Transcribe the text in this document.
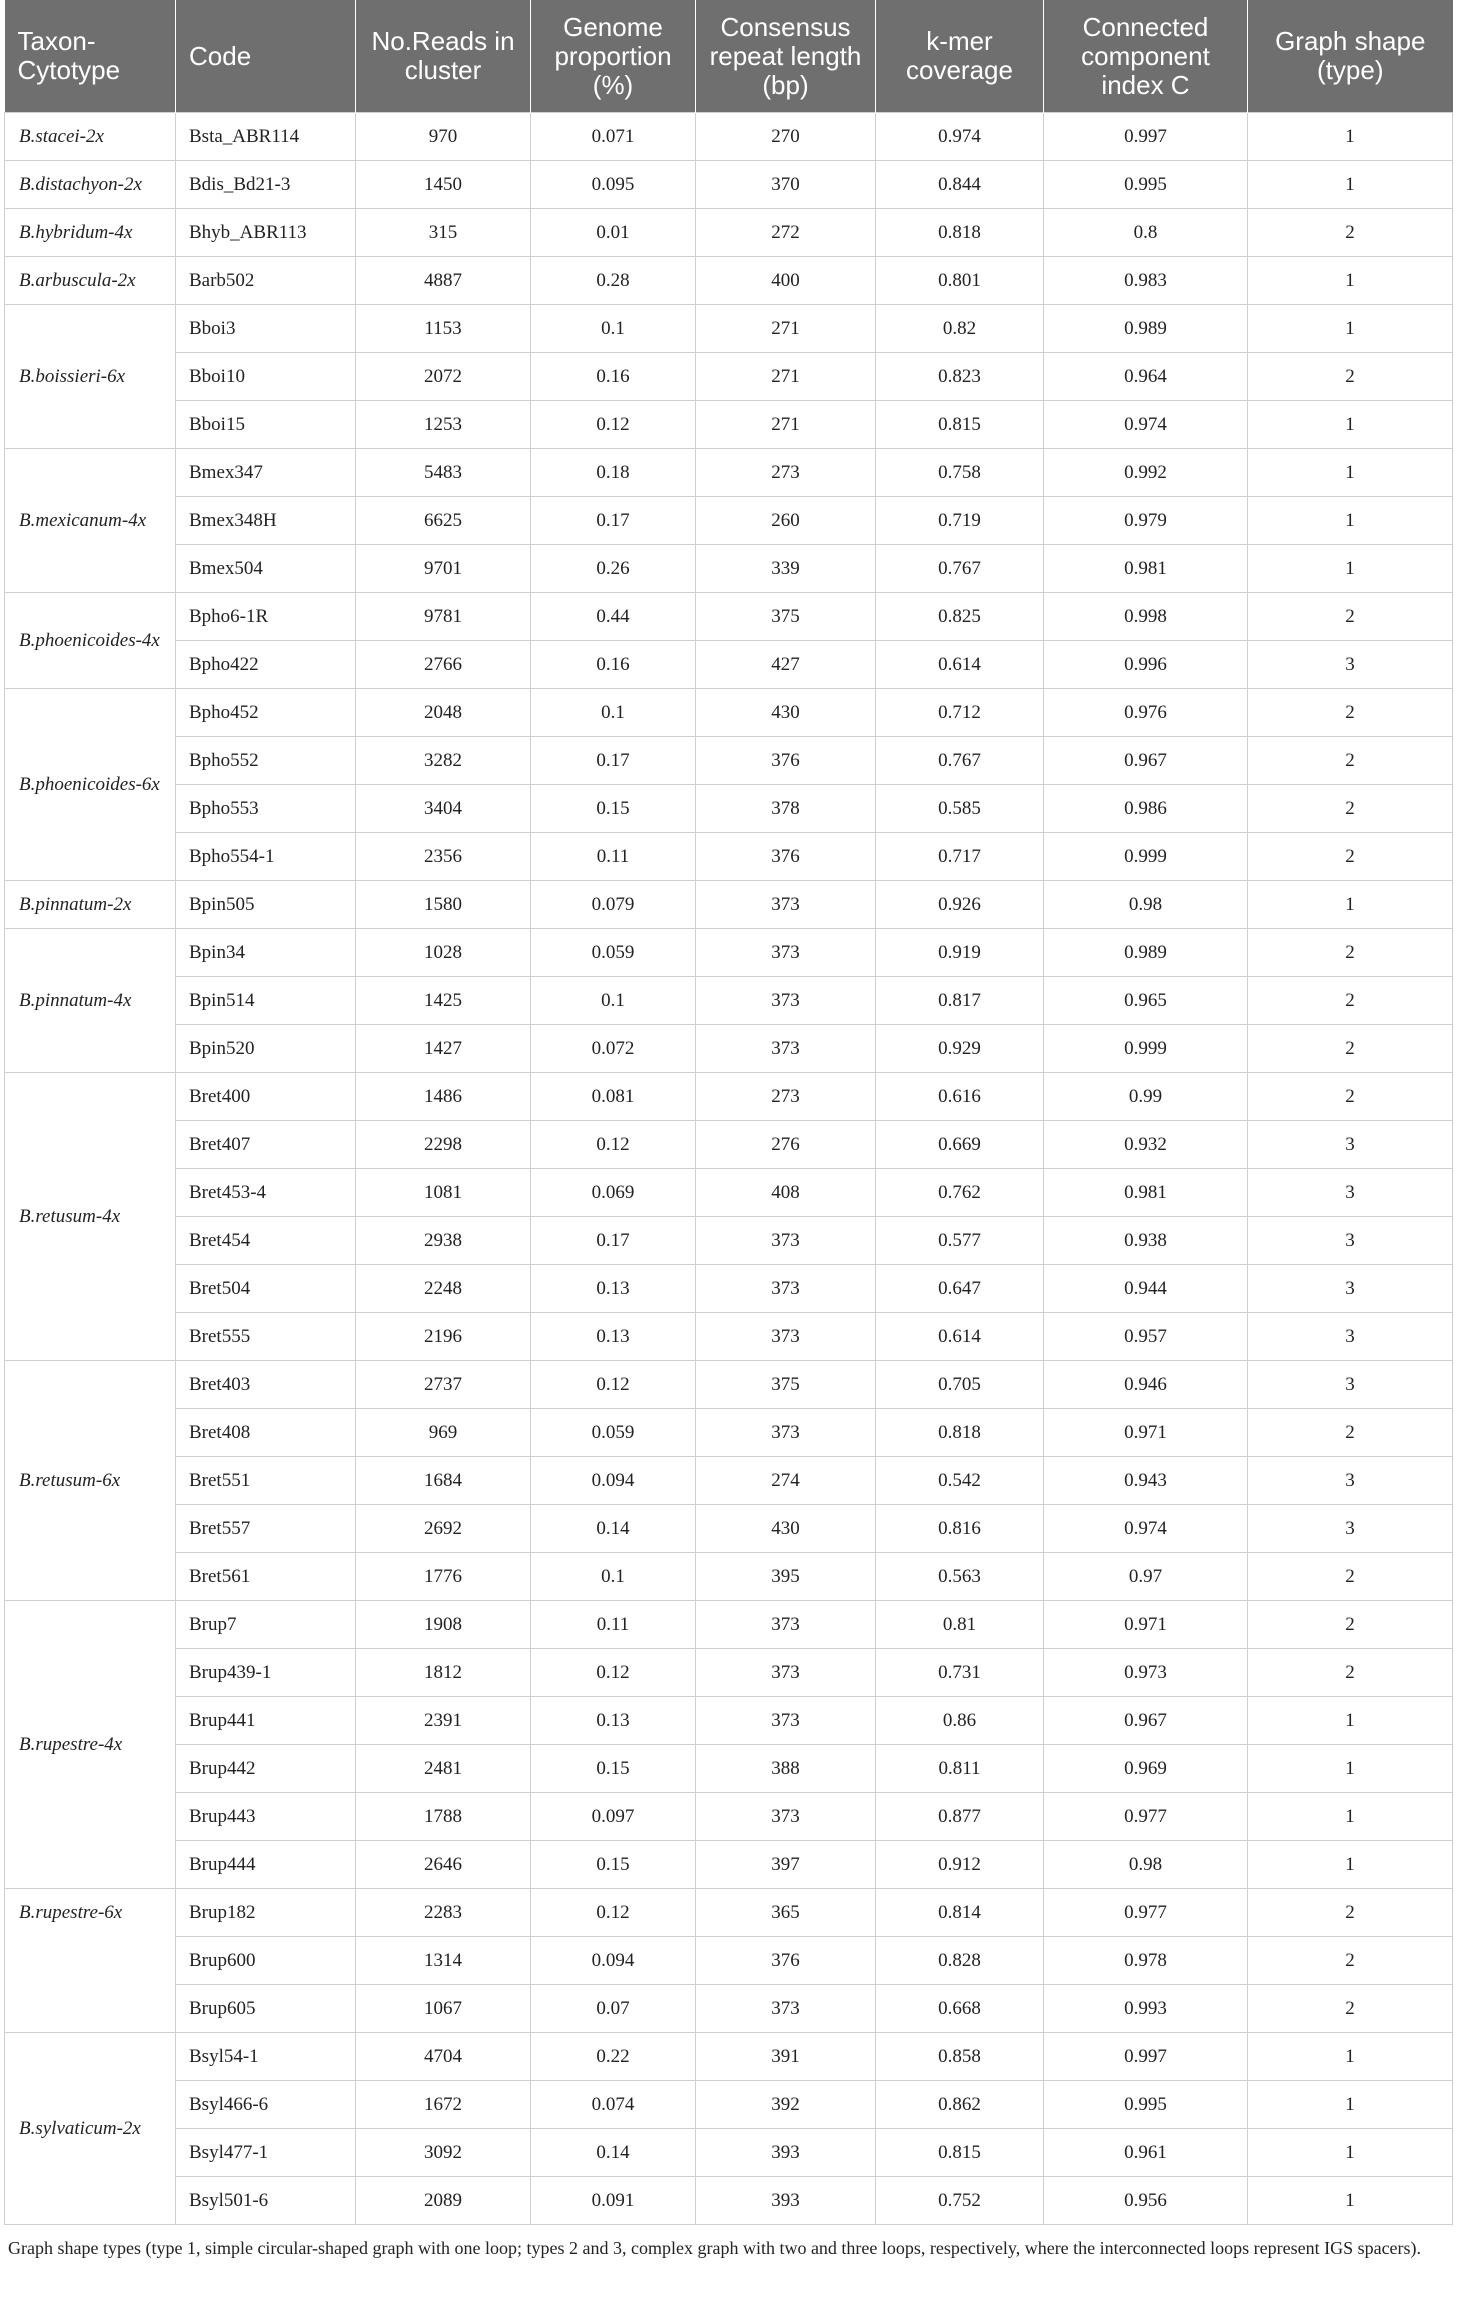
Taxon-Cytotype	Code	No.Reads in cluster	Genome proportion (%)	Consensus repeat length (bp)	k-mer coverage	Connected component index C	Graph shape (type)
B.stacei-2x	Bsta_ABR114	970	0.071	270	0.974	0.997	1
B.distachyon-2x	Bdis_Bd21-3	1450	0.095	370	0.844	0.995	1
B.hybridum-4x	Bhyb_ABR113	315	0.01	272	0.818	0.8	2
B.arbuscula-2x	Barb502	4887	0.28	400	0.801	0.983	1
B.boissieri-6x	Bboi3	1153	0.1	271	0.82	0.989	1
	Bboi10	2072	0.16	271	0.823	0.964	2
	Bboi15	1253	0.12	271	0.815	0.974	1
B.mexicanum-4x	Bmex347	5483	0.18	273	0.758	0.992	1
	Bmex348H	6625	0.17	260	0.719	0.979	1
	Bmex504	9701	0.26	339	0.767	0.981	1
B.phoenicoides-4x	Bpho6-1R	9781	0.44	375	0.825	0.998	2
	Bpho422	2766	0.16	427	0.614	0.996	3
B.phoenicoides-6x	Bpho452	2048	0.1	430	0.712	0.976	2
	Bpho552	3282	0.17	376	0.767	0.967	2
	Bpho553	3404	0.15	378	0.585	0.986	2
	Bpho554-1	2356	0.11	376	0.717	0.999	2
B.pinnatum-2x	Bpin505	1580	0.079	373	0.926	0.98	1
B.pinnatum-4x	Bpin34	1028	0.059	373	0.919	0.989	2
	Bpin514	1425	0.1	373	0.817	0.965	2
	Bpin520	1427	0.072	373	0.929	0.999	2
B.retusum-4x	Bret400	1486	0.081	273	0.616	0.99	2
	Bret407	2298	0.12	276	0.669	0.932	3
	Bret453-4	1081	0.069	408	0.762	0.981	3
	Bret454	2938	0.17	373	0.577	0.938	3
	Bret504	2248	0.13	373	0.647	0.944	3
	Bret555	2196	0.13	373	0.614	0.957	3
B.retusum-6x	Bret403	2737	0.12	375	0.705	0.946	3
	Bret408	969	0.059	373	0.818	0.971	2
	Bret551	1684	0.094	274	0.542	0.943	3
	Bret557	2692	0.14	430	0.816	0.974	3
	Bret561	1776	0.1	395	0.563	0.97	2
B.rupestre-4x	Brup7	1908	0.11	373	0.81	0.971	2
	Brup439-1	1812	0.12	373	0.731	0.973	2
	Brup441	2391	0.13	373	0.86	0.967	1
	Brup442	2481	0.15	388	0.811	0.969	1
	Brup443	1788	0.097	373	0.877	0.977	1
	Brup444	2646	0.15	397	0.912	0.98	1
B.rupestre-6x	Brup182	2283	0.12	365	0.814	0.977	2
	Brup600	1314	0.094	376	0.828	0.978	2
	Brup605	1067	0.07	373	0.668	0.993	2
B.sylvaticum-2x	Bsyl54-1	4704	0.22	391	0.858	0.997	1
	Bsyl466-6	1672	0.074	392	0.862	0.995	1
	Bsyl477-1	3092	0.14	393	0.815	0.961	1
	Bsyl501-6	2089	0.091	393	0.752	0.956	1

Graph shape types (type 1, simple circular-shaped graph with one loop; types 2 and 3, complex graph with two and three loops, respectively, where the interconnected loops represent IGS spacers).
